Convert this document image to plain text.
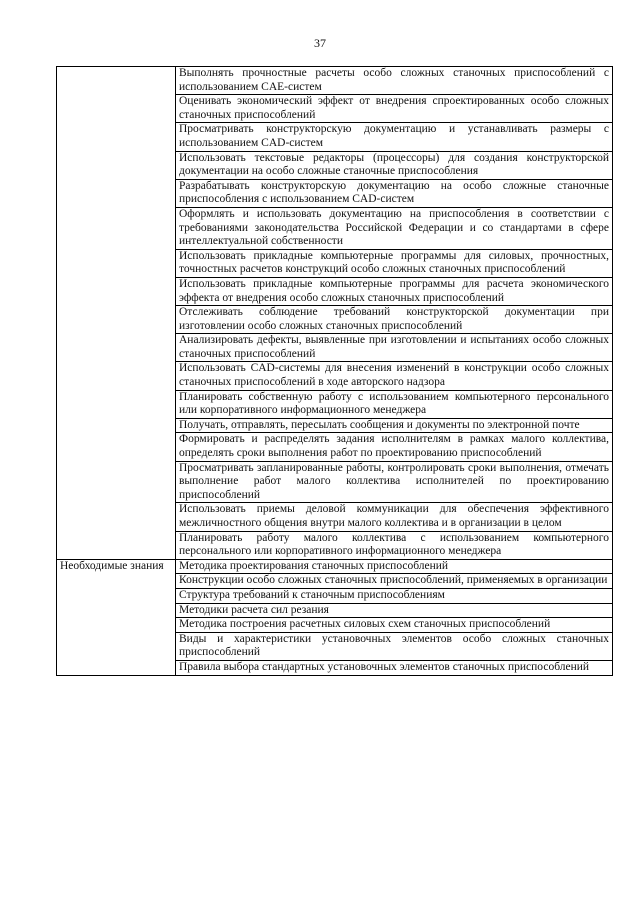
37
	Выполнять прочностные расчеты особо сложных станочных приспособлений с использованием CAE-систем
	Оценивать экономический эффект от внедрения спроектированных особо сложных станочных приспособлений
	Просматривать конструкторскую документацию и устанавливать размеры с использованием CAD-систем
	Использовать текстовые редакторы (процессоры) для создания конструкторской документации на особо сложные станочные приспособления
	Разрабатывать конструкторскую документацию на особо сложные станочные приспособления с использованием CAD-систем
	Оформлять и использовать документацию на приспособления в соответствии с требованиями законодательства Российской Федерации и со стандартами в сфере интеллектуальной собственности
	Использовать прикладные компьютерные программы для силовых, прочностных, точностных расчетов конструкций особо сложных станочных приспособлений
	Использовать прикладные компьютерные программы для расчета экономического эффекта от внедрения особо сложных станочных приспособлений
	Отслеживать соблюдение требований конструкторской документации при изготовлении особо сложных станочных приспособлений
	Анализировать дефекты, выявленные при изготовлении и испытаниях особо сложных станочных приспособлений
	Использовать CAD-системы для внесения изменений в конструкции особо сложных станочных приспособлений в ходе авторского надзора
	Планировать собственную работу с использованием компьютерного персонального или корпоративного информационного менеджера
	Получать, отправлять, пересылать сообщения и документы по электронной почте
	Формировать и распределять задания исполнителям в рамках малого коллектива, определять сроки выполнения работ по проектированию приспособлений
	Просматривать запланированные работы, контролировать сроки выполнения, отмечать выполнение работ малого коллектива исполнителей по проектированию приспособлений
	Использовать приемы деловой коммуникации для обеспечения эффективного межличностного общения внутри малого коллектива и в организации в целом
	Планировать работу малого коллектива с использованием компьютерного персонального или корпоративного информационного менеджера
Необходимые знания	Методика проектирования станочных приспособлений
	Конструкции особо сложных станочных приспособлений, применяемых в организации
	Структура требований к станочным приспособлениям
	Методики расчета сил резания
	Методика построения расчетных силовых схем станочных приспособлений
	Виды и характеристики установочных элементов особо сложных станочных приспособлений
	Правила выбора стандартных установочных элементов станочных приспособлений
